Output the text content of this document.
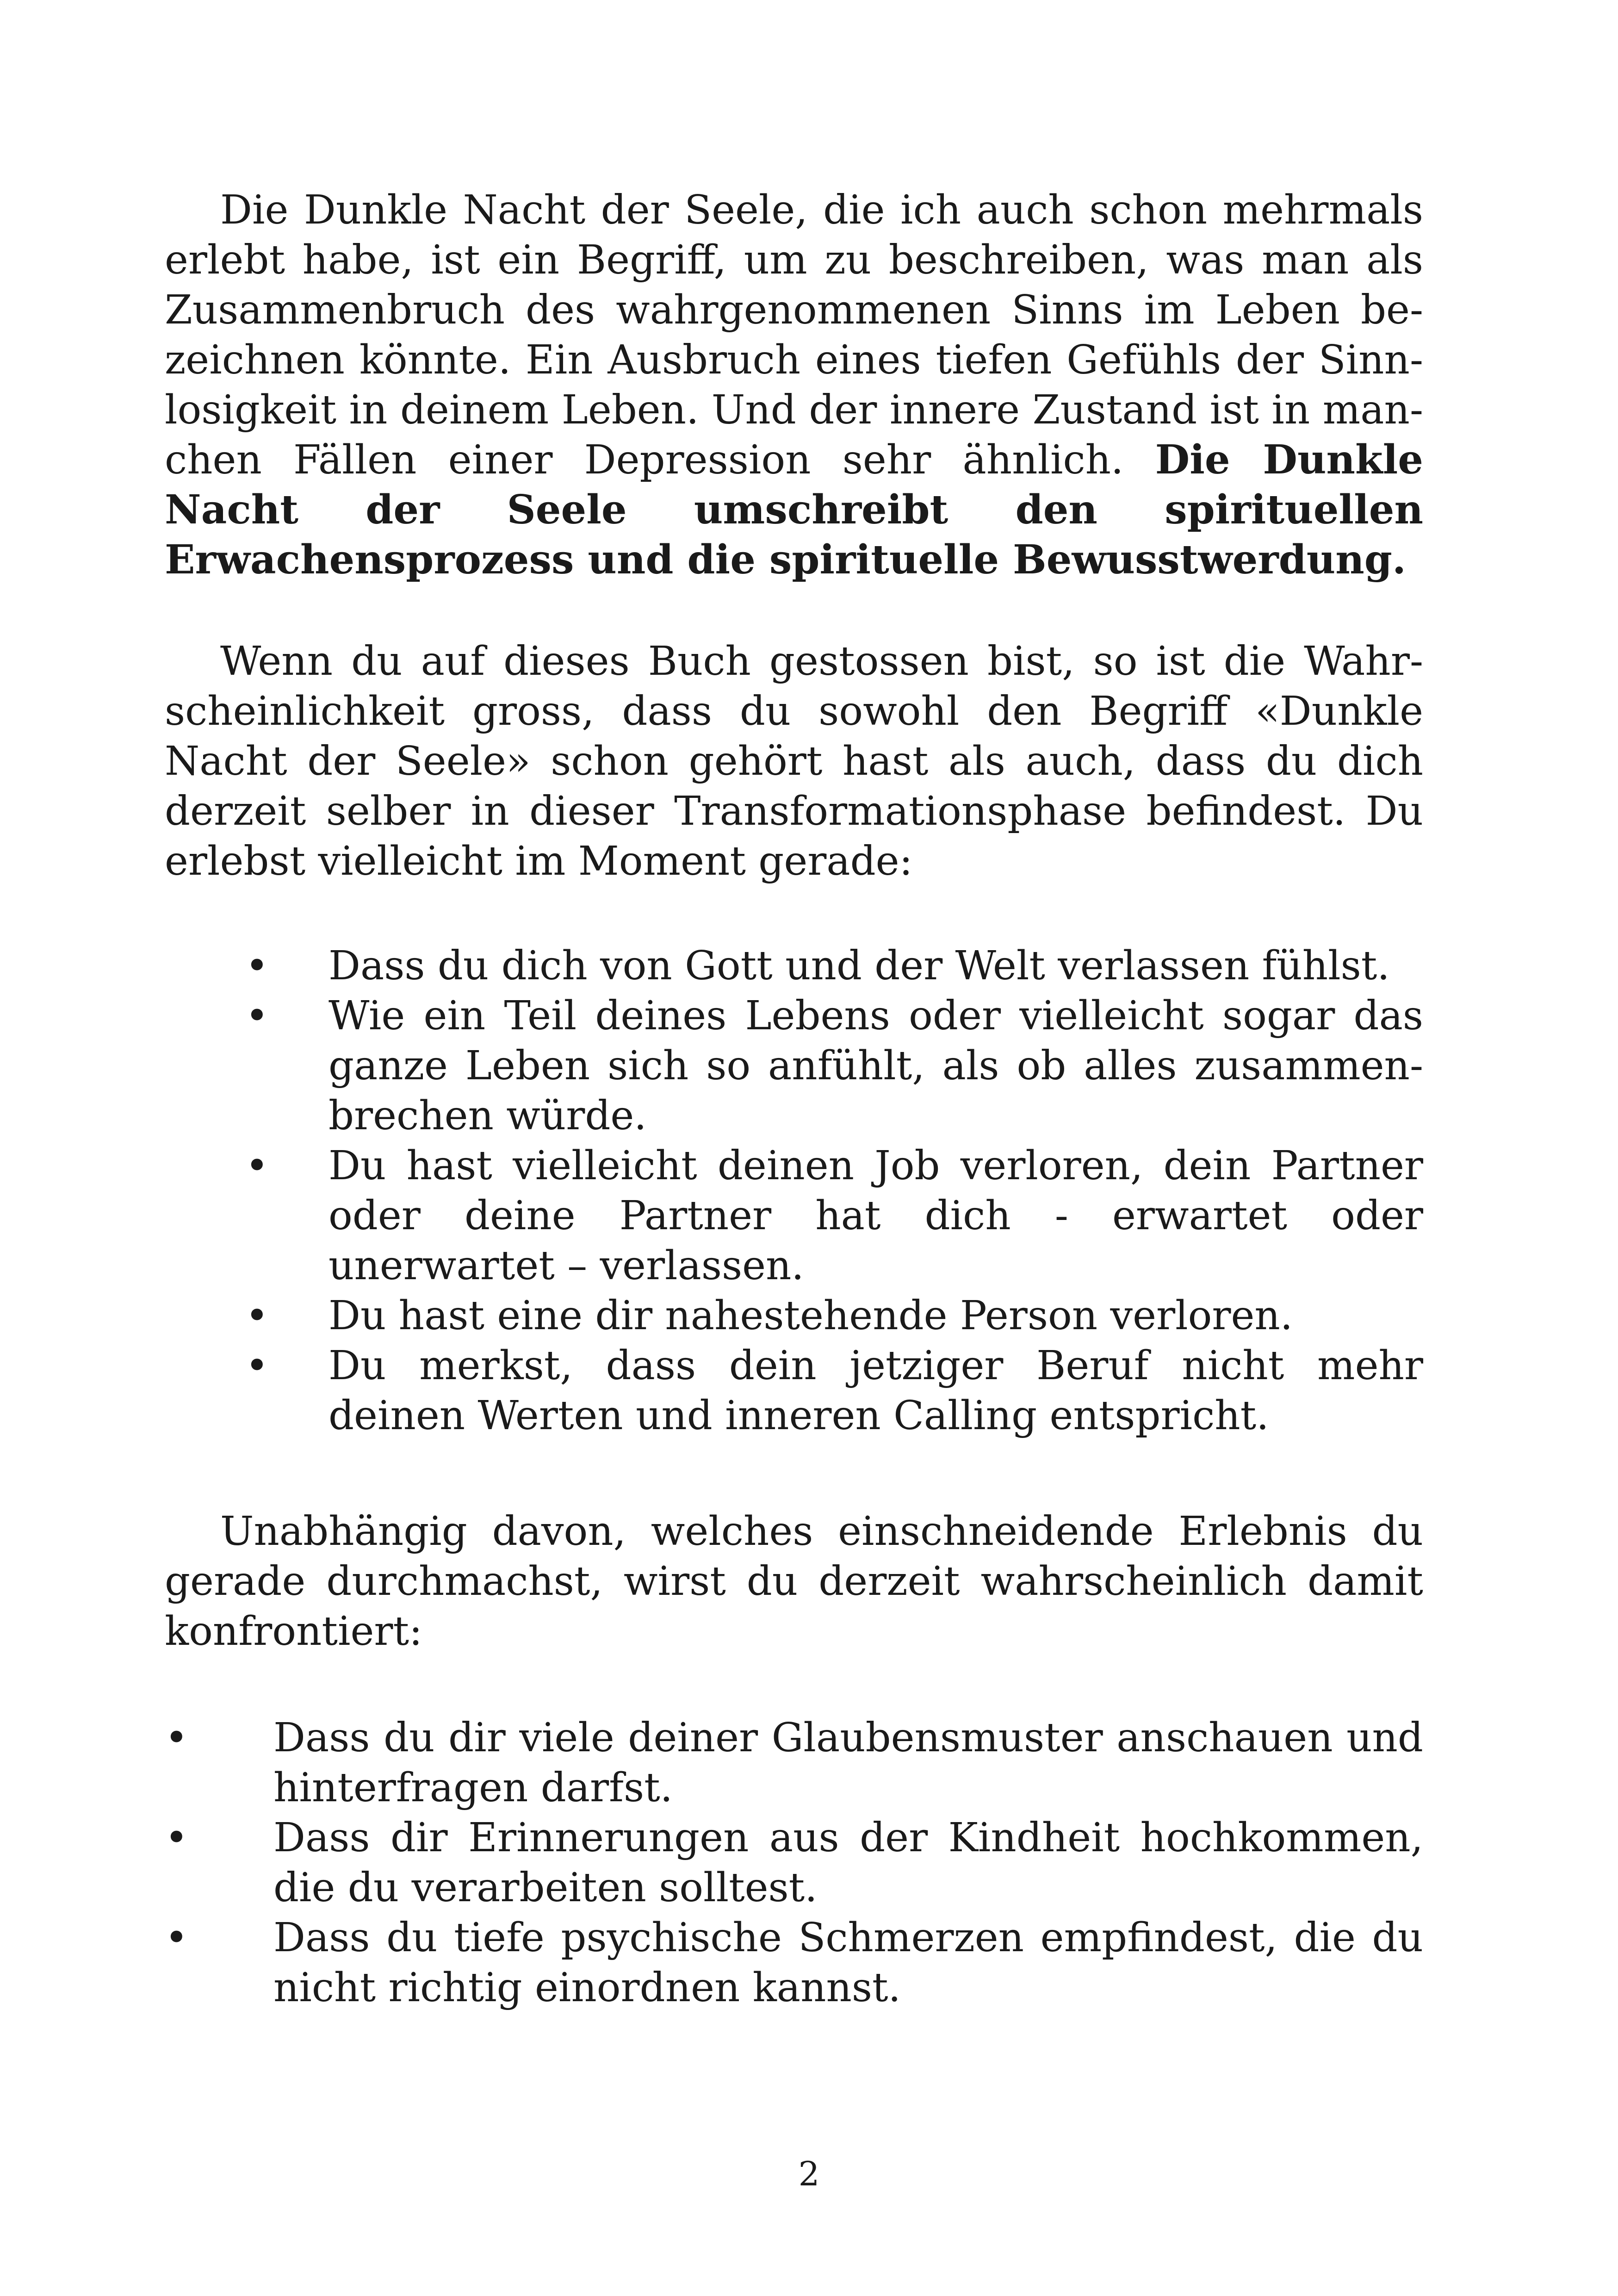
Die Dunkle Nacht der Seele, die ich auch schon mehrmals erlebt habe, ist ein Begriff, um zu beschreiben, was man als Zusammenbruch des wahrgenommenen Sinns im Leben bezeichnen könnte. Ein Ausbruch eines tiefen Gefühls der Sinnlosigkeit in deinem Leben. Und der innere Zustand ist in manchen Fällen einer Depression sehr ähnlich. Die Dunkle Nacht der Seele umschreibt den spirituellen Erwachensprozess und die spirituelle Bewusstwerdung.

Wenn du auf dieses Buch gestossen bist, so ist die Wahrscheinlichkeit gross, dass du sowohl den Begriff «Dunkle Nacht der Seele» schon gehört hast als auch, dass du dich derzeit selber in dieser Transformationsphase befindest. Du erlebst vielleicht im Moment gerade:

• Dass du dich von Gott und der Welt verlassen fühlst.
• Wie ein Teil deines Lebens oder vielleicht sogar das ganze Leben sich so anfühlt, als ob alles zusammenbrechen würde.
• Du hast vielleicht deinen Job verloren, dein Partner oder deine Partner hat dich - erwartet oder unerwartet – verlassen.
• Du hast eine dir nahestehende Person verloren.
• Du merkst, dass dein jetziger Beruf nicht mehr deinen Werten und inneren Calling entspricht.

Unabhängig davon, welches einschneidende Erlebnis du gerade durchmachst, wirst du derzeit wahrscheinlich damit konfrontiert:

• Dass du dir viele deiner Glaubensmuster anschauen und hinterfragen darfst.
• Dass dir Erinnerungen aus der Kindheit hochkommen, die du verarbeiten solltest.
• Dass du tiefe psychische Schmerzen empfindest, die du nicht richtig einordnen kannst.
2
